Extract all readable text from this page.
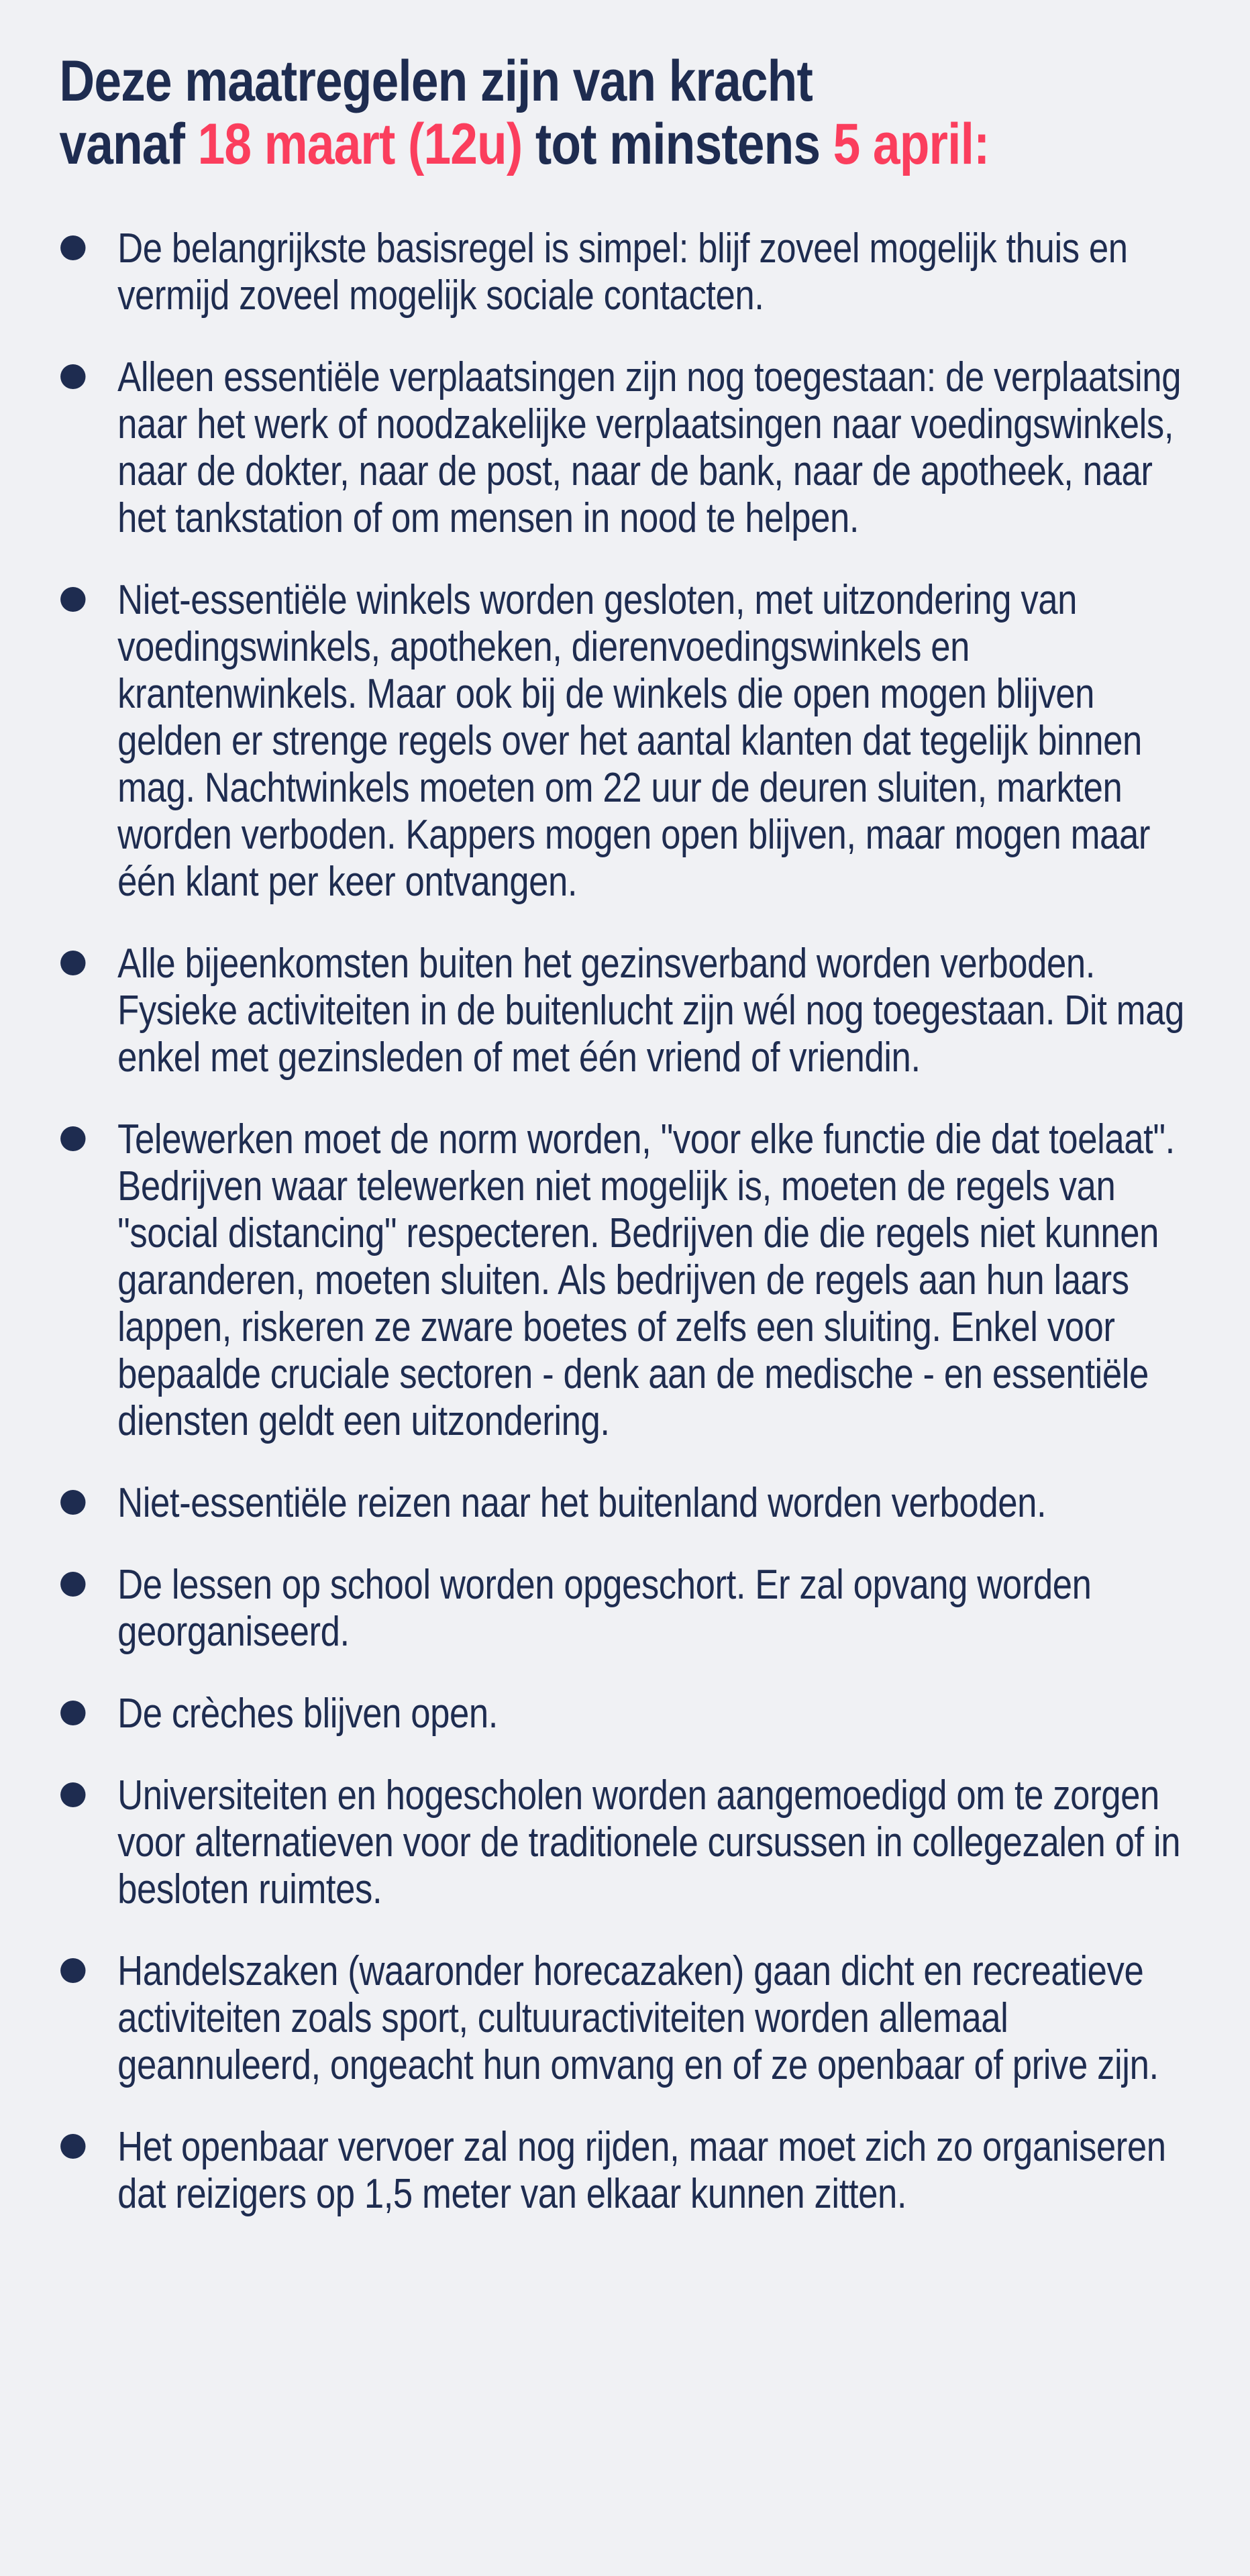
Deze maatregelen zijn van kracht
vanaf 18 maart (12u) tot minstens 5 april:
De belangrijkste basisregel is simpel: blijf zoveel mogelijk thuis en vermijd zoveel mogelijk sociale contacten.
Alleen essentiële verplaatsingen zijn nog toegestaan: de verplaatsing naar het werk of noodzakelijke verplaatsingen naar voedingswinkels, naar de dokter, naar de post, naar de bank, naar de apotheek, naar het tankstation of om mensen in nood te helpen.
Niet-essentiële winkels worden gesloten, met uitzondering van voedingswinkels, apotheken, dierenvoedingswinkels en krantenwinkels. Maar ook bij de winkels die open mogen blijven gelden er strenge regels over het aantal klanten dat tegelijk binnen mag. Nachtwinkels moeten om 22 uur de deuren sluiten, markten worden verboden. Kappers mogen open blijven, maar mogen maar één klant per keer ontvangen.
Alle bijeenkomsten buiten het gezinsverband worden verboden. Fysieke activiteiten in de buitenlucht zijn wél nog toegestaan. Dit mag enkel met gezinsleden of met één vriend of vriendin.
Telewerken moet de norm worden, "voor elke functie die dat toelaat". Bedrijven waar telewerken niet mogelijk is, moeten de regels van "social distancing" respecteren. Bedrijven die die regels niet kunnen garanderen, moeten sluiten. Als bedrijven de regels aan hun laars lappen, riskeren ze zware boetes of zelfs een sluiting. Enkel voor bepaalde cruciale sectoren - denk aan de medische - en essentiële diensten geldt een uitzondering.
Niet-essentiële reizen naar het buitenland worden verboden.
De lessen op school worden opgeschort. Er zal opvang worden georganiseerd.
De crèches blijven open.
Universiteiten en hogescholen worden aangemoedigd om te zorgen voor alternatieven voor de traditionele cursussen in collegezalen of in besloten ruimtes.
Handelszaken (waaronder horecazaken) gaan dicht en recreatieve activiteiten zoals sport, cultuuractiviteiten worden allemaal geannuleerd, ongeacht hun omvang en of ze openbaar of prive zijn.
Het openbaar vervoer zal nog rijden, maar moet zich zo organiseren dat reizigers op 1,5 meter van elkaar kunnen zitten.
